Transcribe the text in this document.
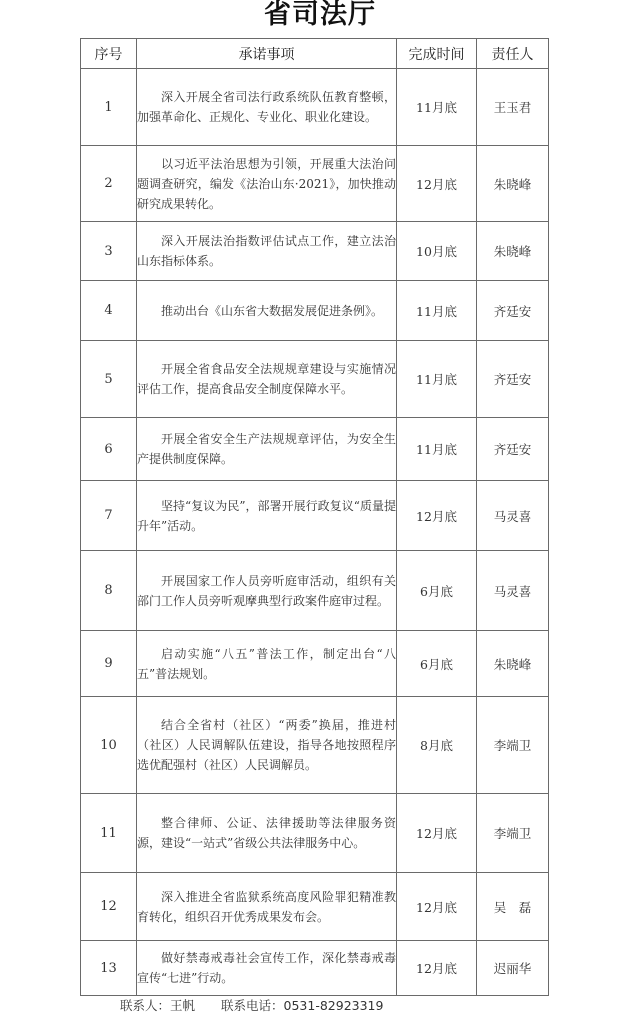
省司法厅
序号	承诺事项	完成时间	责任人
1	深入开展全省司法行政系统队伍教育整顿，加强革命化、正规化、专业化、职业化建设。	11月底	王玉君
2	以习近平法治思想为引领，开展重大法治问题调查研究，编发《法治山东·2021》，加快推动研究成果转化。	12月底	朱晓峰
3	深入开展法治指数评估试点工作，建立法治山东指标体系。	10月底	朱晓峰
4	推动出台《山东省大数据发展促进条例》。	11月底	齐廷安
5	开展全省食品安全法规规章建设与实施情况评估工作，提高食品安全制度保障水平。	11月底	齐廷安
6	开展全省安全生产法规规章评估，为安全生产提供制度保障。	11月底	齐廷安
7	坚持“复议为民”，部署开展行政复议“质量提升年”活动。	12月底	马灵喜
8	开展国家工作人员旁听庭审活动，组织有关部门工作人员旁听观摩典型行政案件庭审过程。	6月底	马灵喜
9	启动实施“八五”普法工作，制定出台“八五”普法规划。	6月底	朱晓峰
10	结合全省村（社区）“两委”换届，推进村（社区）人民调解队伍建设，指导各地按照程序选优配强村（社区）人民调解员。	8月底	李端卫
11	整合律师、公证、法律援助等法律服务资源，建设“一站式”省级公共法律服务中心。	12月底	李端卫
12	深入推进全省监狱系统高度风险罪犯精准教育转化，组织召开优秀成果发布会。	12月底	吴　磊
13	做好禁毒戒毒社会宣传工作，深化禁毒戒毒宣传“七进”行动。	12月底	迟丽华
联系人：王帆 联系电话：0531-82923319
